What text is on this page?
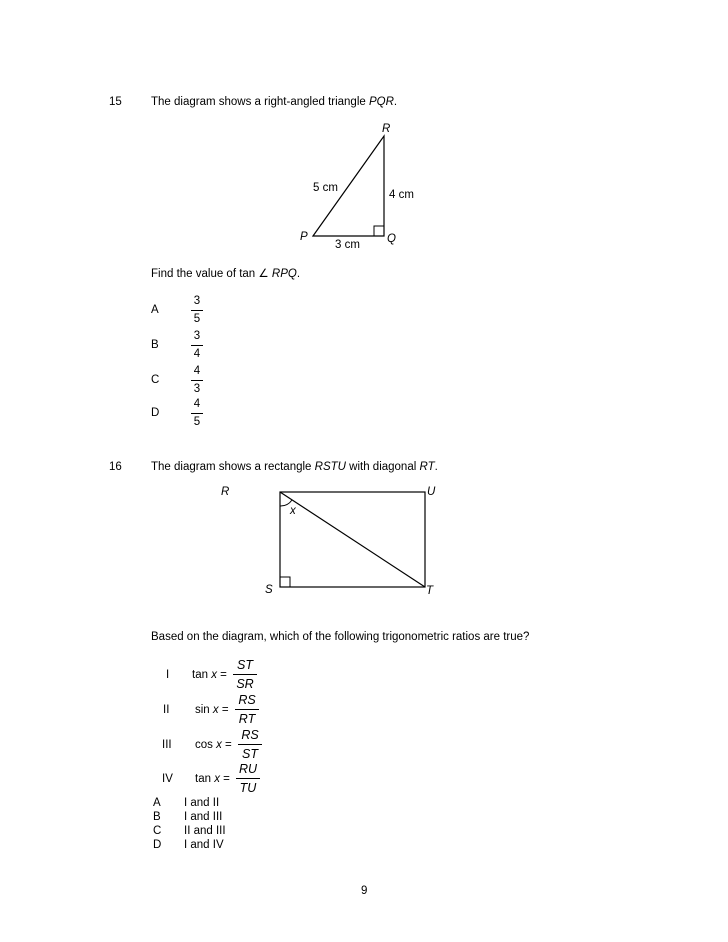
15	The diagram shows a right-angled triangle PQR.
R
P	Q
5 cm
4 cm
3 cm
Find the value of tan ∠ RPQ.
A
3
5
B
3
4
C
4
3
D
4
5
16	The diagram shows a rectangle RSTU with diagonal RT.
R	U
S	T
x
Based on the diagram, which of the following trigonometric ratios are true?
I tan x =
ST
SR
II sin x =
RS
RT
III cos x =
RS
ST
IV tan x =
RU
TU
A I and II
B I and III
C II and III
D I and IV
9
